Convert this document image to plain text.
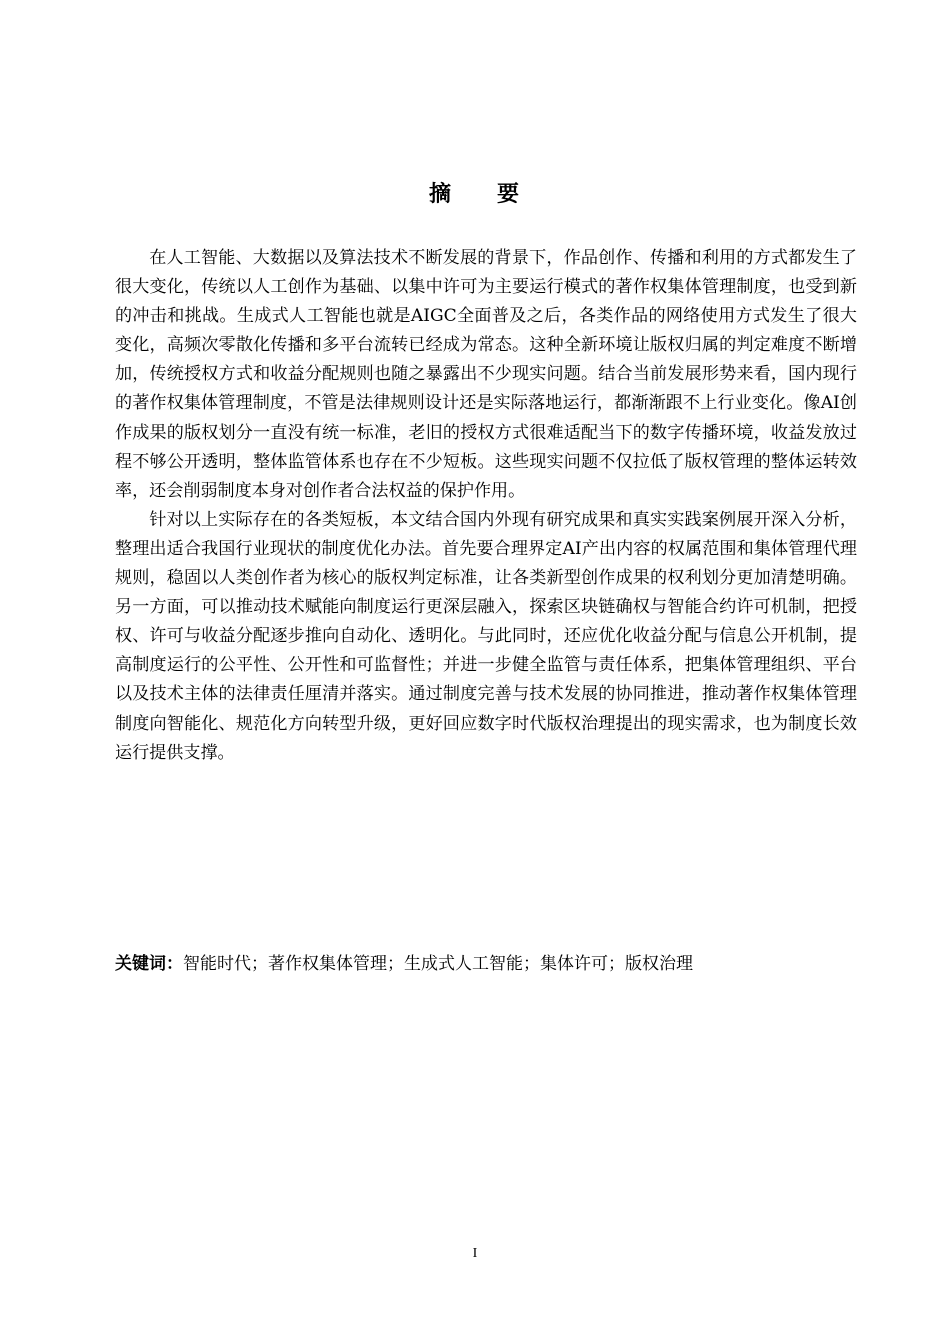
摘 要

在人工智能、大数据以及算法技术不断发展的背景下，作品创作、传播和利用的方式都发生了很大变化，传统以人工创作为基础、以集中许可为主要运行模式的著作权集体管理制度，也受到新的冲击和挑战。生成式人工智能也就是AIGC全面普及之后，各类作品的网络使用方式发生了很大变化，高频次零散化传播和多平台流转已经成为常态。这种全新环境让版权归属的判定难度不断增加，传统授权方式和收益分配规则也随之暴露出不少现实问题。结合当前发展形势来看，国内现行的著作权集体管理制度，不管是法律规则设计还是实际落地运行，都渐渐跟不上行业变化。像AI创作成果的版权划分一直没有统一标准，老旧的授权方式很难适配当下的数字传播环境，收益发放过程不够公开透明，整体监管体系也存在不少短板。这些现实问题不仅拉低了版权管理的整体运转效率，还会削弱制度本身对创作者合法权益的保护作用。

针对以上实际存在的各类短板，本文结合国内外现有研究成果和真实实践案例展开深入分析，整理出适合我国行业现状的制度优化办法。首先要合理界定AI产出内容的权属范围和集体管理代理规则，稳固以人类创作者为核心的版权判定标准，让各类新型创作成果的权利划分更加清楚明确。另一方面，可以推动技术赋能向制度运行更深层融入，探索区块链确权与智能合约许可机制，把授权、许可与收益分配逐步推向自动化、透明化。与此同时，还应优化收益分配与信息公开机制，提高制度运行的公平性、公开性和可监督性；并进一步健全监管与责任体系，把集体管理组织、平台以及技术主体的法律责任厘清并落实。通过制度完善与技术发展的协同推进，推动著作权集体管理制度向智能化、规范化方向转型升级，更好回应数字时代版权治理提出的现实需求，也为制度长效运行提供支撑。

关键词：智能时代；著作权集体管理；生成式人工智能；集体许可；版权治理
I
